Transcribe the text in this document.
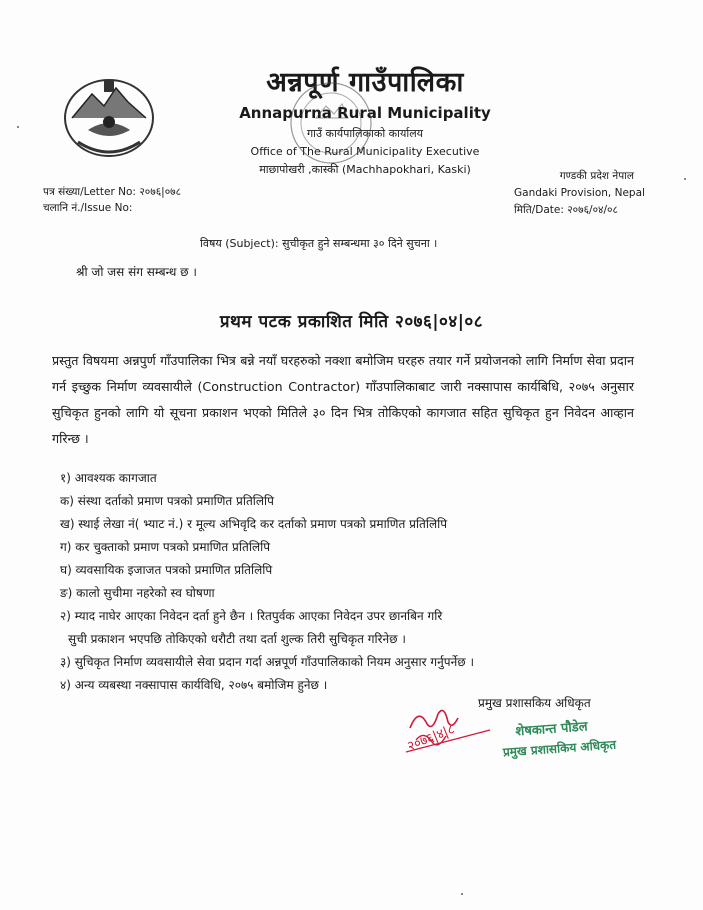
अन्नपूर्ण गाउँपालिका
Annapurna Rural Municipality
गाउँ कार्यपालिकाको कार्यालय
Office of The Rural Municipality Executive
माछापोखरी ,कास्की (Machhapokhari, Kaski)
पत्र संख्या/Letter No: २०७६|०७८
चलानि नं./Issue No:
गण्डकी प्रदेश नेपाल
Gandaki Provision, Nepal
मिति/Date: २०७६/०४/०८
विषय (Subject): सुचीकृत हुने सम्बन्धमा ३० दिने सुचना ।
श्री जो जस संग सम्बन्ध छ ।
प्रथम पटक प्रकाशित मिति २०७६|०४|०८
प्रस्तुत विषयमा अन्नपुर्ण गाँउपालिका भित्र बन्ने नयाँ घरहरुको नक्शा बमोजिम घरहरु तयार गर्ने प्रयोजनको लागि निर्माण सेवा प्रदान गर्न इच्छुक निर्माण व्यवसायीले (Construction Contractor) गाँउपालिकाबाट जारी नक्सापास कार्यबिधि, २०७५ अनुसार सुचिकृत हुनको लागि यो सूचना प्रकाशन भएको मितिले ३० दिन भित्र तोकिएको कागजात सहित सुचिकृत हुन निवेदन आव्हान गरिन्छ ।
१) आवश्यक कागजात
क) संस्था दर्ताको प्रमाण पत्रको प्रमाणित प्रतिलिपि
ख) स्थाई लेखा नं( भ्याट नं.) र मूल्य अभिवृदि कर दर्ताको प्रमाण पत्रको प्रमाणित प्रतिलिपि
ग) कर चुक्ताको प्रमाण पत्रको प्रमाणित प्रतिलिपि
घ) व्यवसायिक इजाजत पत्रको प्रमाणित प्रतिलिपि
ङ) कालो सुचीमा नहरेको स्व घोषणा
२) म्याद नाघेर आएका निवेदन दर्ता हुने छैन । रितपुर्वक आएका निवेदन उपर छानबिन गरि
सुची प्रकाशन भएपछि तोकिएको धरौटी तथा दर्ता शुल्क तिरी सुचिकृत गरिनेछ ।
३) सुचिकृत निर्माण व्यवसायीले सेवा प्रदान गर्दा अन्नपूर्ण गाँउपालिकाको नियम अनुसार गर्नुपर्नेछ ।
४) अन्य व्यबस्था नक्सापास कार्यविधि, २०७५ बमोजिम हुनेछ ।
प्रमुख प्रशासकिय अधिकृत
२०७६|४|८	शेषकान्त पौडेल
प्रमुख प्रशासकिय अधिकृत
